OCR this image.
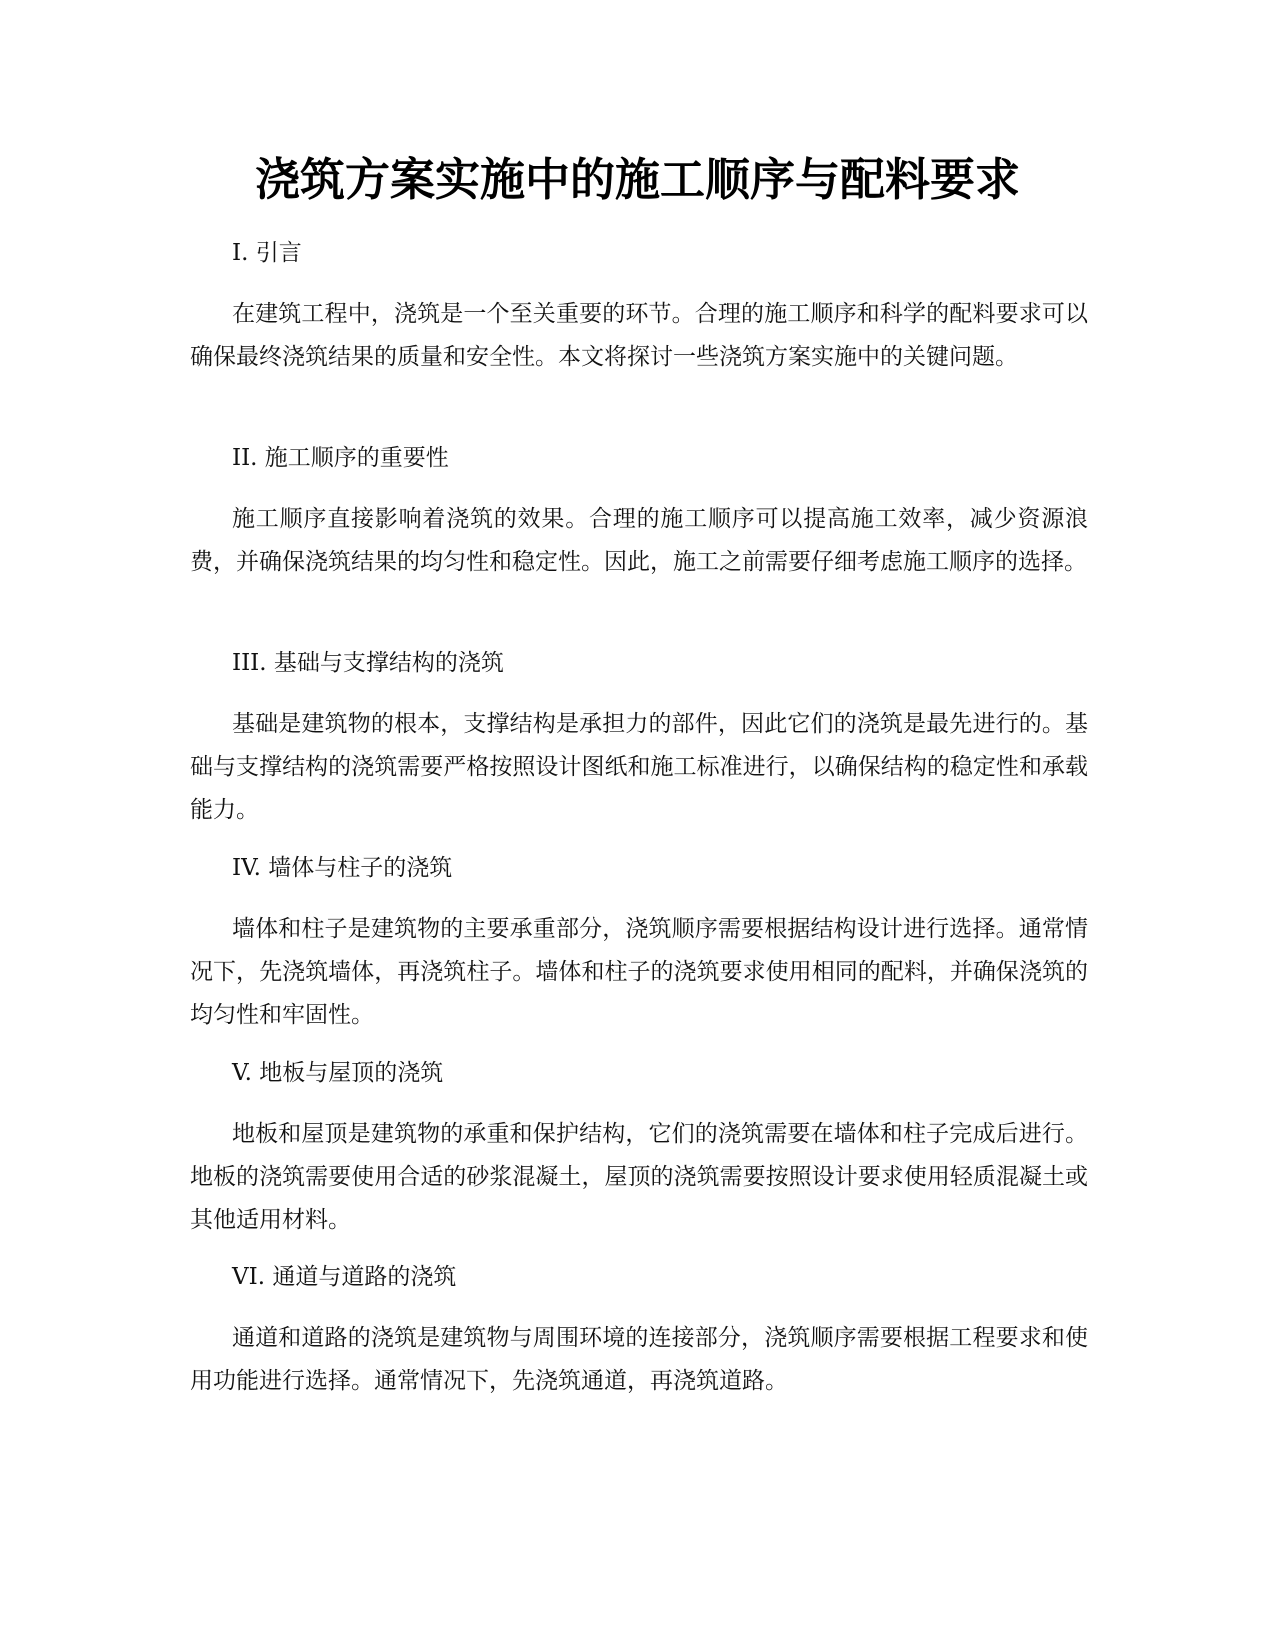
浇筑方案实施中的施工顺序与配料要求

I. 引言

在建筑工程中，浇筑是一个至关重要的环节。合理的施工顺序和科学的配料要求可以确保最终浇筑结果的质量和安全性。本文将探讨一些浇筑方案实施中的关键问题。

II. 施工顺序的重要性

施工顺序直接影响着浇筑的效果。合理的施工顺序可以提高施工效率，减少资源浪费，并确保浇筑结果的均匀性和稳定性。因此，施工之前需要仔细考虑施工顺序的选择。

III. 基础与支撑结构的浇筑

基础是建筑物的根本，支撑结构是承担力的部件，因此它们的浇筑是最先进行的。基础与支撑结构的浇筑需要严格按照设计图纸和施工标准进行，以确保结构的稳定性和承载能力。

IV. 墙体与柱子的浇筑

墙体和柱子是建筑物的主要承重部分，浇筑顺序需要根据结构设计进行选择。通常情况下，先浇筑墙体，再浇筑柱子。墙体和柱子的浇筑要求使用相同的配料，并确保浇筑的均匀性和牢固性。

V. 地板与屋顶的浇筑

地板和屋顶是建筑物的承重和保护结构，它们的浇筑需要在墙体和柱子完成后进行。地板的浇筑需要使用合适的砂浆混凝土，屋顶的浇筑需要按照设计要求使用轻质混凝土或其他适用材料。

VI. 通道与道路的浇筑

通道和道路的浇筑是建筑物与周围环境的连接部分，浇筑顺序需要根据工程要求和使用功能进行选择。通常情况下，先浇筑通道，再浇筑道路。
